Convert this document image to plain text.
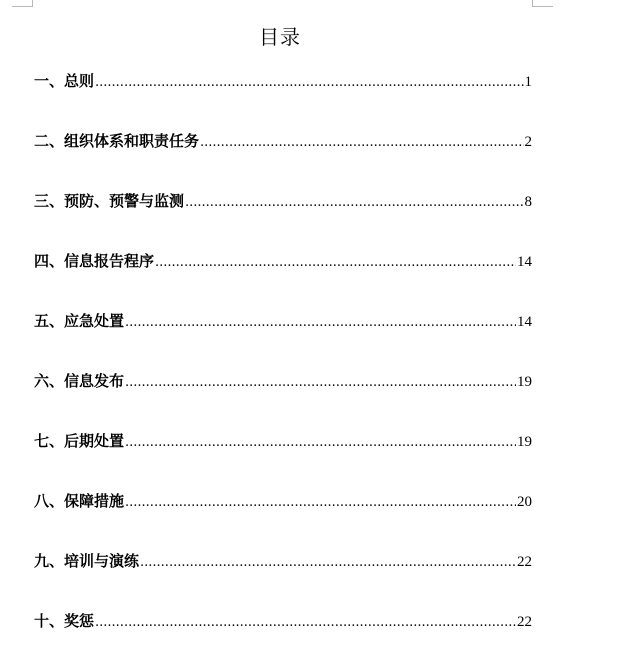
目录
一、总则 .....	1
二、组织体系和职责任务 .....	2
三、预防、预警与监测 .....	8
四、信息报告程序 .....	14
五、应急处置 .....	14
六、信息发布 .....	19
七、后期处置 .....	19
八、保障措施 .....	20
九、培训与演练 .....	22
十、奖惩 .....	22
